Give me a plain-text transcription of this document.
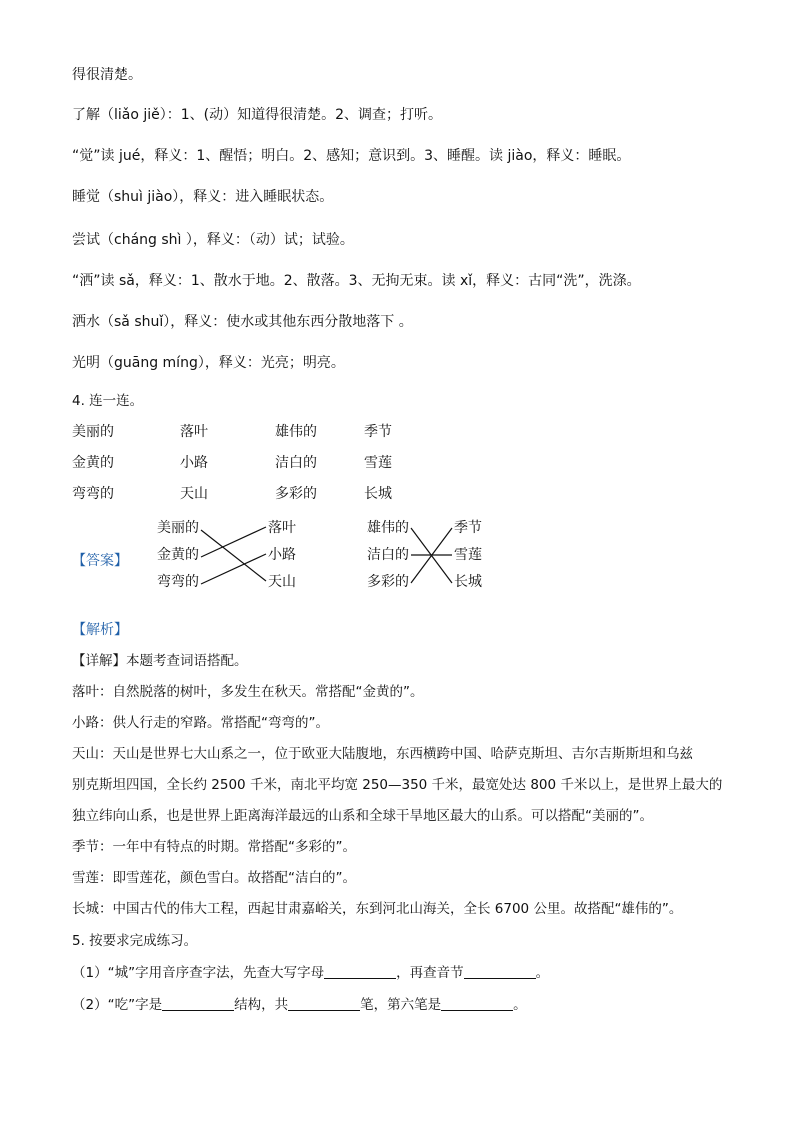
得很清楚。
了解（liǎo jiě）：1、(动）知道得很清楚。2、调查；打听。
“觉”读 jué，释义：1、醒悟；明白。2、感知；意识到。3、睡醒。读 jiào，释义：睡眠。
睡觉（shuì jiào），释义：进入睡眠状态。
尝试（cháng shì ），释义：（动）试；试验。
“洒”读 sǎ，释义：1、散水于地。2、散落。3、无拘无束。读 xǐ，释义：古同“洗”，洗涤。
洒水（sǎ shuǐ），释义：使水或其他东西分散地落下 。
光明（guāng míng），释义：光亮；明亮。
4. 连一连。
美丽的	落叶	雄伟的	季节
金黄的	小路	洁白的	雪莲
弯弯的	天山	多彩的	长城
【答案】
美丽的
金黄的
弯弯的
落叶
小路
天山
雄伟的
洁白的
多彩的
季节
雪莲
长城
【解析】
【详解】本题考查词语搭配。
落叶：自然脱落的树叶，多发生在秋天。常搭配“金黄的”。
小路：供人行走的窄路。常搭配“弯弯的”。
天山：天山是世界七大山系之一，位于欧亚大陆腹地，东西横跨中国、哈萨克斯坦、吉尔吉斯斯坦和乌兹
别克斯坦四国，全长约 2500 千米，南北平均宽 250—350 千米，最宽处达 800 千米以上，是世界上最大的
独立纬向山系，也是世界上距离海洋最远的山系和全球干旱地区最大的山系。可以搭配“美丽的”。
季节：一年中有特点的时期。常搭配“多彩的”。
雪莲：即雪莲花，颜色雪白。故搭配“洁白的”。
长城：中国古代的伟大工程，西起甘肃嘉峪关，东到河北山海关，全长 6700 公里。故搭配“雄伟的”。
5. 按要求完成练习。
（1）“城”字用音序查字法，先查大写字母	，再查音节	。
（2）“吃”字是	结构，共	笔，第六笔是	。
